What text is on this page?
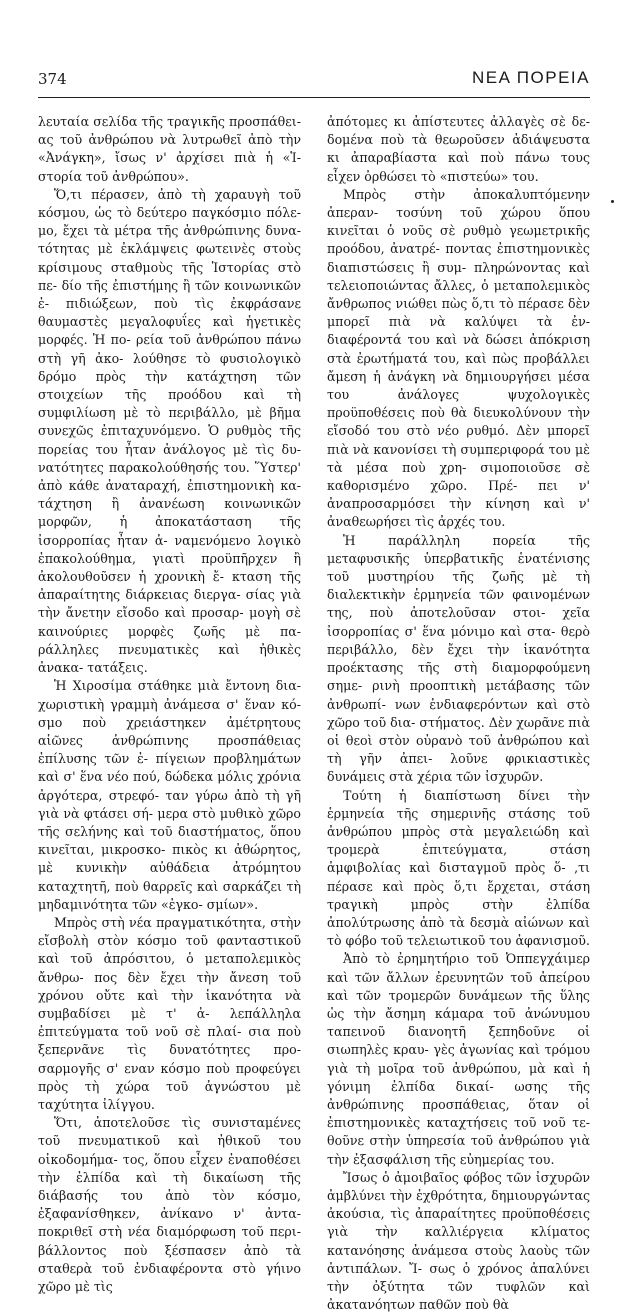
374	ΝΕΑ ΠΟΡΕΙΑ

λευταία σελίδα τῆς τραγικῆς προσπάθει- ας τοῦ ἀνθρώπου νὰ λυτρωθεῖ ἀπὸ τὴν «Ἀνάγκη», ἴσως ν' ἀρχίσει πιὰ ἡ «Ἱ- στορία τοῦ ἀνθρώπου».

Ὅ,τι πέρασεν, ἀπὸ τὴ χαραυγὴ τοῦ κόσμου, ὡς τὸ δεύτερο παγκόσμιο πόλε- μο, ἔχει τὰ μέτρα τῆς ἀνθρώπινης δυνα- τότητας μὲ ἐκλάμψεις φωτεινὲς στοὺς κρίσιμους σταθμοὺς τῆς Ἱστορίας στὸ πε- δίο τῆς ἐπιστήμης ἢ τῶν κοινωνικῶν ἐ- πιδιώξεων, ποὺ τὶς ἐκφράσανε θαυμαστὲς μεγαλοφυΐες καὶ ἡγετικὲς μορφές. Ἡ πο- ρεία τοῦ ἀνθρώπου πάνω στὴ γῆ ἀκο- λούθησε τὸ φυσιολογικὸ δρόμο πρὸς τὴν κατάχτηση τῶν στοιχείων τῆς προόδου καὶ τὴ συμφιλίωση μὲ τὸ περιβάλλο, μὲ βῆμα συνεχῶς ἐπιταχυνόμενο. Ὁ ρυθμὸς τῆς πορείας του ἦταν ἀνάλογος μὲ τὶς δυ- νατότητες παρακολούθησής του. Ὕστερ' ἀπὸ κάθε ἀναταραχή, ἐπιστημονικὴ κα- τάχτηση ἢ ἀνανέωση κοινωνικῶν μορφῶν, ἡ ἀποκατάσταση τῆς ἰσορροπίας ἦταν ἀ- ναμενόμενο λογικὸ ἐπακολούθημα, γιατὶ προϋπῆρχεν ἢ ἀκολουθοῦσεν ἡ χρονικὴ ἔ- κταση τῆς ἀπαραίτητης διάρκειας διεργα- σίας γιὰ τὴν ἄνετην εἴσοδο καὶ προσαρ- μογὴ σὲ καινούριες μορφὲς ζωῆς μὲ πα- ράλληλες πνευματικὲς καὶ ἠθικὲς ἀνακα- τατάξεις.

Ἡ Χιροσίμα στάθηκε μιὰ ἔντονη δια- χωριστικὴ γραμμὴ ἀνάμεσα σ' ἕναν κό- σμο ποὺ χρειάστηκεν ἀμέτρητους αἰῶνες ἀνθρώπινης προσπάθειας ἐπίλυσης τῶν ἐ- πίγειων προβλημάτων καὶ σ' ἕνα νέο πού, δώδεκα μόλις χρόνια ἀργότερα, στρεφό- ταν γύρω ἀπὸ τὴ γῆ γιὰ νὰ φτάσει σή- μερα στὸ μυθικὸ χῶρο τῆς σελήνης καὶ τοῦ διαστήματος, ὅπου κινεῖται, μικροσκο- πικὸς κι ἀθώρητος, μὲ κυνικὴν αὐθάδεια ἀτρόμητου καταχτητῆ, ποὺ θαρρεῖς καὶ σαρκάζει τὴ μηδαμινότητα τῶν «ἐγκο- σμίων».

Μπρὸς στὴ νέα πραγματικότητα, στὴν εἴσβολὴ στὸν κόσμο τοῦ φανταστικοῦ καὶ τοῦ ἀπρόσιτου, ὁ μεταπολεμικὸς ἄνθρω- πος δὲν ἔχει τὴν ἄνεση τοῦ χρόνου οὔτε καὶ τὴν ἱκανότητα νὰ συμβαδίσει μὲ τ' ἀ- λεπάλληλα ἐπιτεύγματα τοῦ νοῦ σὲ πλαί- σια ποὺ ξεπερνᾶνε τὶς δυνατότητες προ- σαρμογῆς σ' εναν κόσμο ποὺ προφεύγει πρὸς τὴ χώρα τοῦ ἀγνώστου μὲ ταχύτητα ἰλίγγου.

Ὅτι, ἀποτελοῦσε τὶς συνισταμένες τοῦ πνευματικοῦ καὶ ἠθικοῦ του οἰκοδομήμα- τος, ὅπου εἶχεν ἐναποθέσει τὴν ἐλπίδα καὶ τὴ δικαίωση τῆς διάβασής του ἀπὸ τὸν κόσμο, ἐξαφανίσθηκεν, ἀνίκανο ν' ἀντα- ποκριθεῖ στὴ νέα διαμόρφωση τοῦ περι- βάλλοντος ποὺ ξέσπασεν ἀπὸ τὰ σταθερὰ τοῦ ἐνδιαφέροντα στὸ γήινο χῶρο μὲ τὶς

ἀπότομες κι ἀπίστευτες ἀλλαγὲς σὲ δε- δομένα ποὺ τὰ θεωροῦσεν ἀδιάψευστα κι ἀπαραβίαστα καὶ ποὺ πάνω τους εἶχεν ὀρθώσει τὸ «πιστεύω» του.

Μπρὸς στὴν ἀποκαλυπτόμενην ἀπεραν- τοσύνη τοῦ χώρου ὅπου κινεῖται ὁ νοῦς σὲ ρυθμὸ γεωμετρικῆς προόδου, ἀνατρέ- ποντας ἐπιστημονικὲς διαπιστώσεις ἢ συμ- πληρώνοντας καὶ τελειοποιώντας ἄλλες, ὁ μεταπολεμικὸς ἄνθρωπος νιώθει πὼς ὅ,τι τὸ πέρασε δὲν μπορεῖ πιὰ νὰ καλύψει τὰ ἐν- διαφέροντά του καὶ νὰ δώσει ἀπόκριση στὰ ἐρωτήματά του, καὶ πὼς προβάλλει ἄμεση ἡ ἀνάγκη νὰ δημιουργήσει μέσα του ἀνάλογες ψυχολογικὲς προϋποθέσεις ποὺ θὰ διευκολύνουν τὴν εἴσοδό του στὸ νέο ρυθμό. Δὲν μπορεῖ πιὰ νὰ κανονίσει τὴ συμπεριφορά του μὲ τὰ μέσα ποὺ χρη- σιμοποιοῦσε σὲ καθορισμένο χῶρο. Πρέ- πει ν' ἀναπροσαρμόσει τὴν κίνηση καὶ ν' ἀναθεωρήσει τὶς ἀρχές του.

Ἡ παράλληλη πορεία τῆς μεταφυσικῆς ὑπερβατικῆς ἑνατένισης τοῦ μυστηρίου τῆς ζωῆς μὲ τὴ διαλεκτικὴν ἑρμηνεία τῶν φαινομένων της, ποὺ ἀποτελοῦσαν στοι- χεῖα ἰσορροπίας σ' ἕνα μόνιμο καὶ στα- θερὸ περιβάλλο, δὲν ἔχει τὴν ἱκανότητα προέκτασης τῆς στὴ διαμορφούμενη σημε- ρινὴ προοπτικὴ μετάβασης τῶν ἀνθρωπί- νων ἐνδιαφερόντων καὶ στὸ χῶρο τοῦ δια- στήματος. Δὲν χωρᾶνε πιὰ οἱ θεοὶ στὸν οὐρανὸ τοῦ ἀνθρώπου καὶ τὴ γῆν ἀπει- λοῦνε φρικιαστικὲς δυνάμεις στὰ χέρια τῶν ἰσχυρῶν.

Τούτη ἡ διαπίστωση δίνει τὴν ἑρμηνεία τῆς σημερινῆς στάσης τοῦ ἀνθρώπου μπρὸς στὰ μεγαλειώδη καὶ τρομερὰ ἐπιτεύγματα, στάση ἀμφιβολίας καὶ δισταγμοῦ πρὸς ὅ- ,τι πέρασε καὶ πρὸς ὅ,τι ἔρχεται, στάση τραγικὴ μπρὸς στὴν ἐλπίδα ἀπολύτρωσης ἀπὸ τὰ δεσμὰ αἰώνων καὶ τὸ φόβο τοῦ τελειωτικοῦ του ἀφανισμοῦ.

Ἀπὸ τὸ ἐρημητήριο τοῦ Ὀππεγχάιμερ καὶ τῶν ἄλλων ἐρευνητῶν τοῦ ἀπείρου καὶ τῶν τρομερῶν δυνάμεων τῆς ὕλης ὡς τὴν ἄσημη κάμαρα τοῦ ἀνώνυμου ταπεινοῦ διανοητῆ ξεπηδοῦνε οἱ σιωπηλὲς κραυ- γὲς ἀγωνίας καὶ τρόμου γιὰ τὴ μοῖρα τοῦ ἀνθρώπου, μὰ καὶ ἡ γόνιμη ἐλπίδα δικαί- ωσης τῆς ἀνθρώπινης προσπάθειας, ὅταν οἱ ἐπιστημονικὲς καταχτήσεις τοῦ νοῦ τε- θοῦνε στὴν ὑπηρεσία τοῦ ἀνθρώπου γιὰ τὴν ἐξασφάλιση τῆς εὐημερίας του.

Ἴσως ὁ ἀμοιβαῖος φόβος τῶν ἰσχυρῶν ἀμβλύνει τὴν ἐχθρότητα, δημιουργώντας ἀκούσια, τὶς ἀπαραίτητες προϋποθέσεις γιὰ τὴν καλλιέργεια κλίματος κατανόησης ἀνάμεσα στοὺς λαοὺς τῶν ἀντιπάλων. Ἴ- σως ὁ χρόνος ἀπαλύνει τὴν ὀξύτητα τῶν τυφλῶν καὶ ἀκατανόητων παθῶν ποὺ θὰ
